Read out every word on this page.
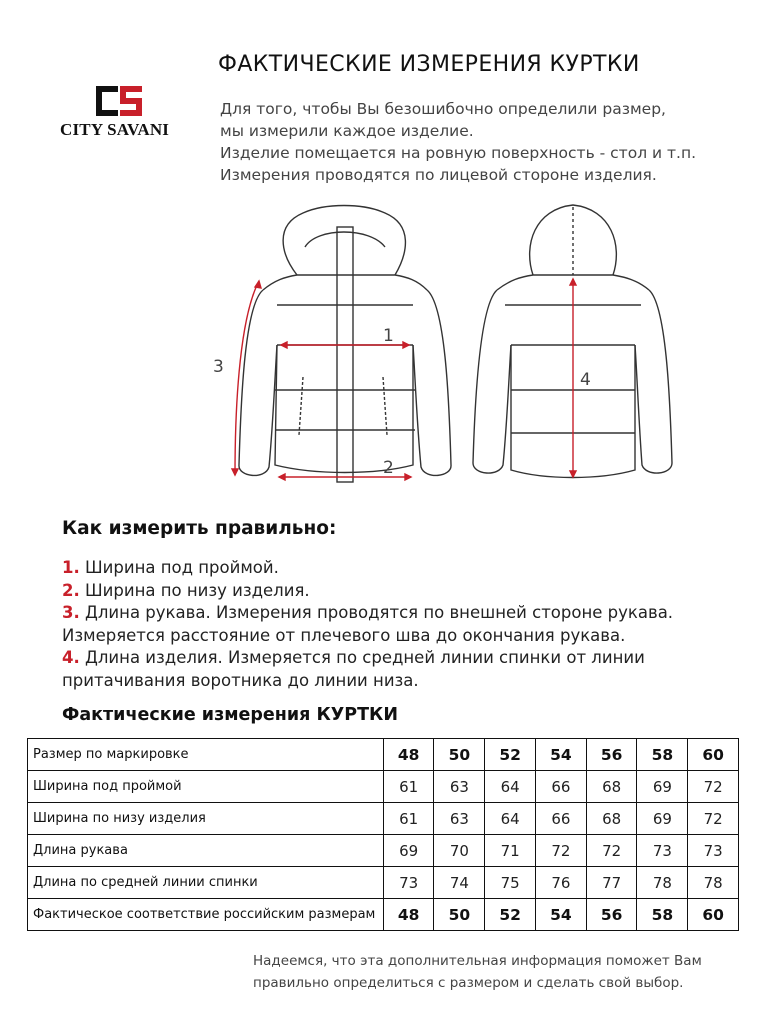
CITY SAVANI
ФАКТИЧЕСКИЕ ИЗМЕРЕНИЯ КУРТКИ
Для того, чтобы Вы безошибочно определили размер,
мы измерили каждое изделие.
Изделие помещается на ровную поверхность - стол и т.п.
Измерения проводятся по лицевой стороне изделия.
1
2
3
4
Как измерить правильно:
1. Ширина под проймой.
2. Ширина по низу изделия.
3. Длина рукава. Измерения проводятся по внешней стороне рукава.
Измеряется расстояние от плечевого шва до окончания рукава.
4. Длина изделия. Измеряется по средней линии спинки от линии
притачивания воротника до линии низа.
Фактические измерения КУРТКИ
Размер по маркировке	48	50	52	54	56	58	60
Ширина под проймой	61	63	64	66	68	69	72
Ширина по низу изделия	61	63	64	66	68	69	72
Длина рукава	69	70	71	72	72	73	73
Длина по средней линии спинки	73	74	75	76	77	78	78
Фактическое соответствие российским размерам	48	50	52	54	56	58	60
Надеемся, что эта дополнительная информация поможет Вам
правильно определиться с размером и сделать свой выбор.
